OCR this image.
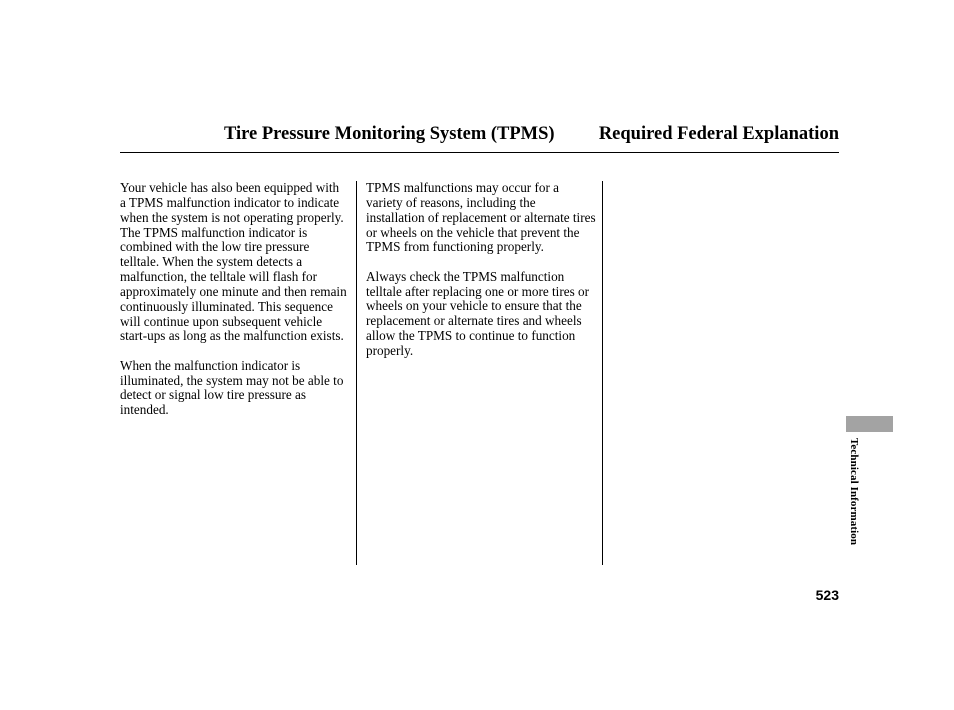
Tire Pressure Monitoring System (TPMS) Required Federal Explanation

Your vehicle has also been equipped with a TPMS malfunction indicator to indicate when the system is not operating properly. The TPMS malfunction indicator is combined with the low tire pressure telltale. When the system detects a malfunction, the telltale will flash for approximately one minute and then remain continuously illuminated. This sequence will continue upon subsequent vehicle start-ups as long as the malfunction exists.

When the malfunction indicator is illuminated, the system may not be able to detect or signal low tire pressure as intended.

TPMS malfunctions may occur for a variety of reasons, including the installation of replacement or alternate tires or wheels on the vehicle that prevent the TPMS from functioning properly.

Always check the TPMS malfunction telltale after replacing one or more tires or wheels on your vehicle to ensure that the replacement or alternate tires and wheels allow the TPMS to continue to function properly.

Technical Information
523
